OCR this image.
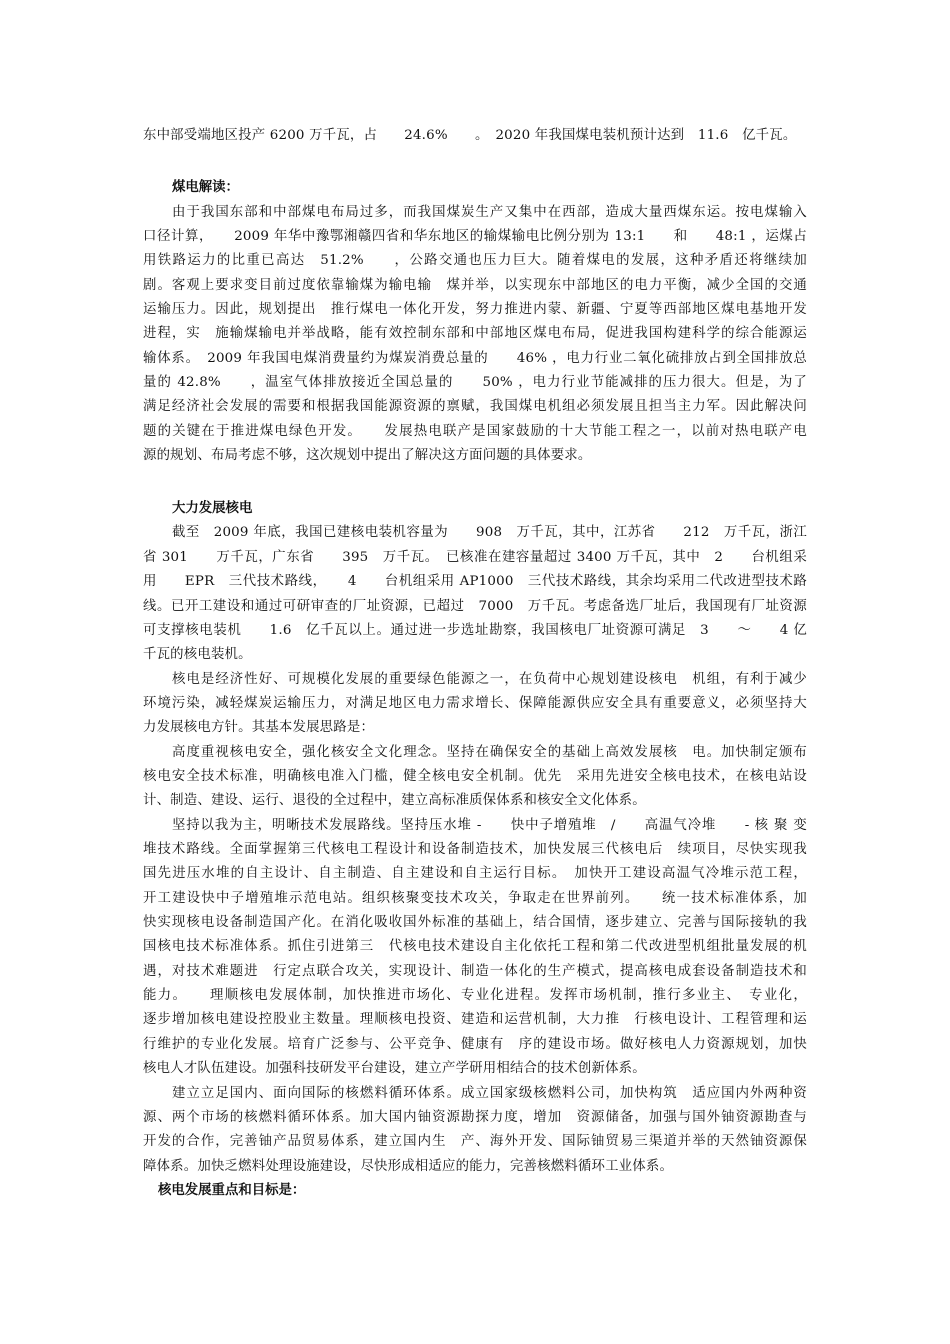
东中部受端地区投产 6200 万千瓦，占　　24.6%　　。　2020 年我国煤电装机预计达到　11.6　亿千瓦。
煤电解读：
由于我国东部和中部煤电布局过多，而我国煤炭生产又集中在西部，造成大量西煤东运。按电煤输入
口径计算，　　2009 年华中豫鄂湘赣四省和华东地区的输煤输电比例分别为 13:1　　和　　48:1 ，运煤占
用铁路运力的比重已高达　51.2%　　，公路交通也压力巨大。随着煤电的发展，这种矛盾还将继续加
剧。客观上要求变目前过度依靠输煤为输电输　煤并举，以实现东中部地区的电力平衡，减少全国的交通
运输压力。因此，规划提出　推行煤电一体化开发，努力推进内蒙、新疆、宁夏等西部地区煤电基地开发
进程，实　施输煤输电并举战略，能有效控制东部和中部地区煤电布局，促进我国构建科学的综合能源运
输体系。　2009 年我国电煤消费量约为煤炭消费总量的　　46% ，电力行业二氧化硫排放占到全国排放总
量的 42.8%　　，温室气体排放接近全国总量的　　50% ，电力行业节能减排的压力很大。但是，为了
满足经济社会发展的需要和根据我国能源资源的禀赋，我国煤电机组必须发展且担当主力军。因此解决问
题的关键在于推进煤电绿色开发。　　发展热电联产是国家鼓励的十大节能工程之一，以前对热电联产电
源的规划、布局考虑不够，这次规划中提出了解决这方面问题的具体要求。
大力发展核电
截至　2009 年底，我国已建核电装机容量为　　908　万千瓦，其中，江苏省　　212　万千瓦，浙江
省 301　　万千瓦，广东省　　395　万千瓦。　已核准在建容量超过 3400 万千瓦，其中　2　　台机组采
用　　EPR　三代技术路线，　　4　　台机组采用 AP1000　三代技术路线，其余均采用二代改进型技术路
线。已开工建设和通过可研审查的厂址资源，已超过　7000　万千瓦。考虑备选厂址后，我国现有厂址资源
可支撑核电装机　　1.6　亿千瓦以上。通过进一步选址勘察，我国核电厂址资源可满足　3　　～　　4 亿
千瓦的核电装机。
核电是经济性好、可规模化发展的重要绿色能源之一，在负荷中心规划建设核电　机组，有利于减少
环境污染，减轻煤炭运输压力，对满足地区电力需求增长、保障能源供应安全具有重要意义，必须坚持大
力发展核电方针。其基本发展思路是：
高度重视核电安全，强化核安全文化理念。坚持在确保安全的基础上高效发展核　电。加快制定颁布
核电安全技术标准，明确核电准入门槛，健全核电安全机制。优先　采用先进安全核电技术，在核电站设
计、制造、建设、运行、退役的全过程中，建立高标准质保体系和核安全文化体系。
坚持以我为主，明晰技术发展路线。坚持压水堆 -　　快中子增殖堆　/　　高温气冷堆　　- 核 聚 变
堆技术路线。全面掌握第三代核电工程设计和设备制造技术，加快发展三代核电后　续项目，尽快实现我
国先进压水堆的自主设计、自主制造、自主建设和自主运行目标。　加快开工建设高温气冷堆示范工程，
开工建设快中子增殖堆示范电站。组织核聚变技术攻关，争取走在世界前列。　　统一技术标准体系，加
快实现核电设备制造国产化。在消化吸收国外标准的基础上，结合国情，逐步建立、完善与国际接轨的我
国核电技术标准体系。抓住引进第三　代核电技术建设自主化依托工程和第二代改进型机组批量发展的机
遇，对技术难题进　行定点联合攻关，实现设计、制造一体化的生产模式，提高核电成套设备制造技术和
能力。　　理顺核电发展体制，加快推进市场化、专业化进程。发挥市场机制，推行多业主、　专业化，
逐步增加核电建设控股业主数量。理顺核电投资、建造和运营机制，大力推　行核电设计、工程管理和运
行维护的专业化发展。培育广泛参与、公平竞争、健康有　序的建设市场。做好核电人力资源规划，加快
核电人才队伍建设。加强科技研发平台建设，建立产学研用相结合的技术创新体系。
建立立足国内、面向国际的核燃料循环体系。成立国家级核燃料公司，加快构筑　适应国内外两种资
源、两个市场的核燃料循环体系。加大国内铀资源勘探力度，增加　资源储备，加强与国外铀资源勘查与
开发的合作，完善铀产品贸易体系，建立国内生　产、海外开发、国际铀贸易三渠道并举的天然铀资源保
障体系。加快乏燃料处理设施建设，尽快形成相适应的能力，完善核燃料循环工业体系。
核电发展重点和目标是：
